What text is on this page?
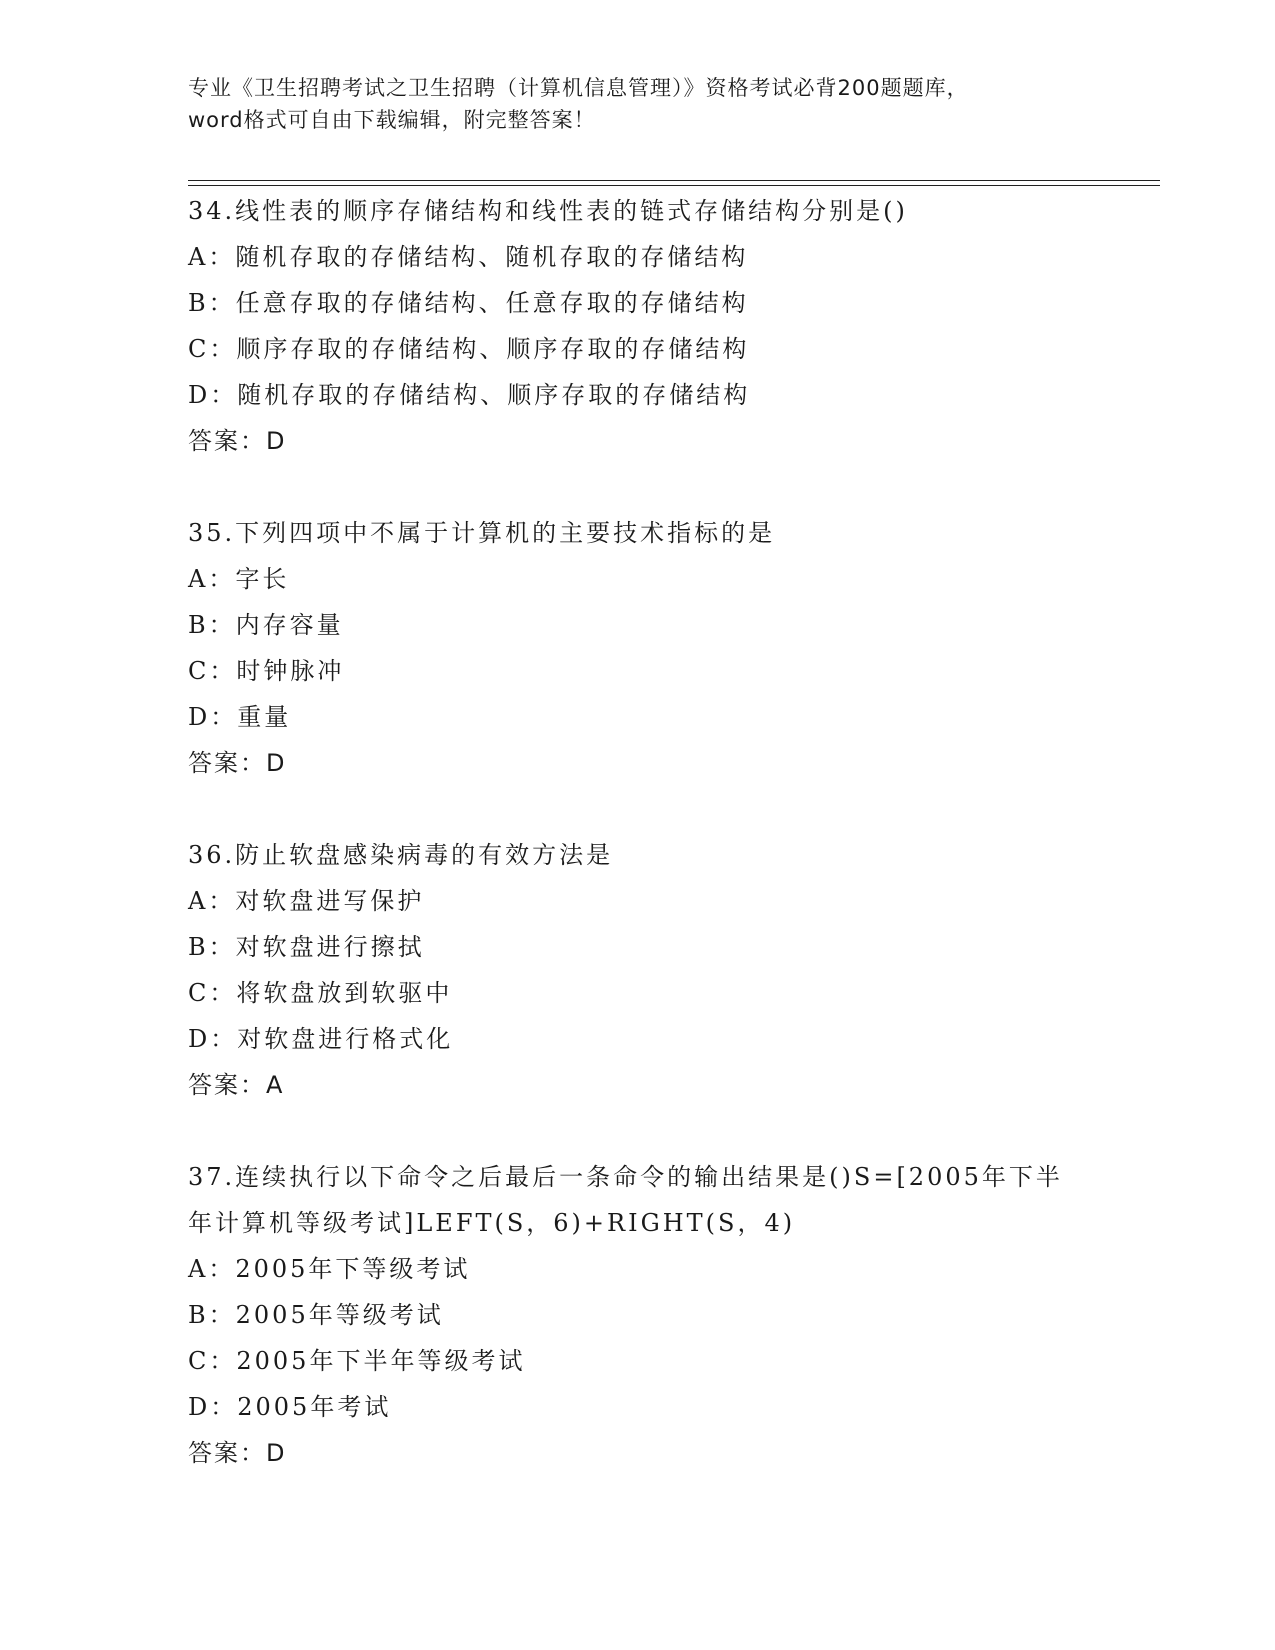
专业《卫生招聘考试之卫生招聘（计算机信息管理）》资格考试必背200题题库，
word格式可自由下载编辑，附完整答案！
34.线性表的顺序存储结构和线性表的链式存储结构分别是()
A：随机存取的存储结构、随机存取的存储结构
B：任意存取的存储结构、任意存取的存储结构
C：顺序存取的存储结构、顺序存取的存储结构
D：随机存取的存储结构、顺序存取的存储结构
答案：D
35.下列四项中不属于计算机的主要技术指标的是
A：字长
B：内存容量
C：时钟脉冲
D：重量
答案：D
36.防止软盘感染病毒的有效方法是
A：对软盘进写保护
B：对软盘进行擦拭
C：将软盘放到软驱中
D：对软盘进行格式化
答案：A
37.连续执行以下命令之后最后一条命令的输出结果是()S=[2005年下半年计算机等级考试]LEFT(S，6)+RIGHT(S，4)
A：2005年下等级考试
B：2005年等级考试
C：2005年下半年等级考试
D：2005年考试
答案：D
